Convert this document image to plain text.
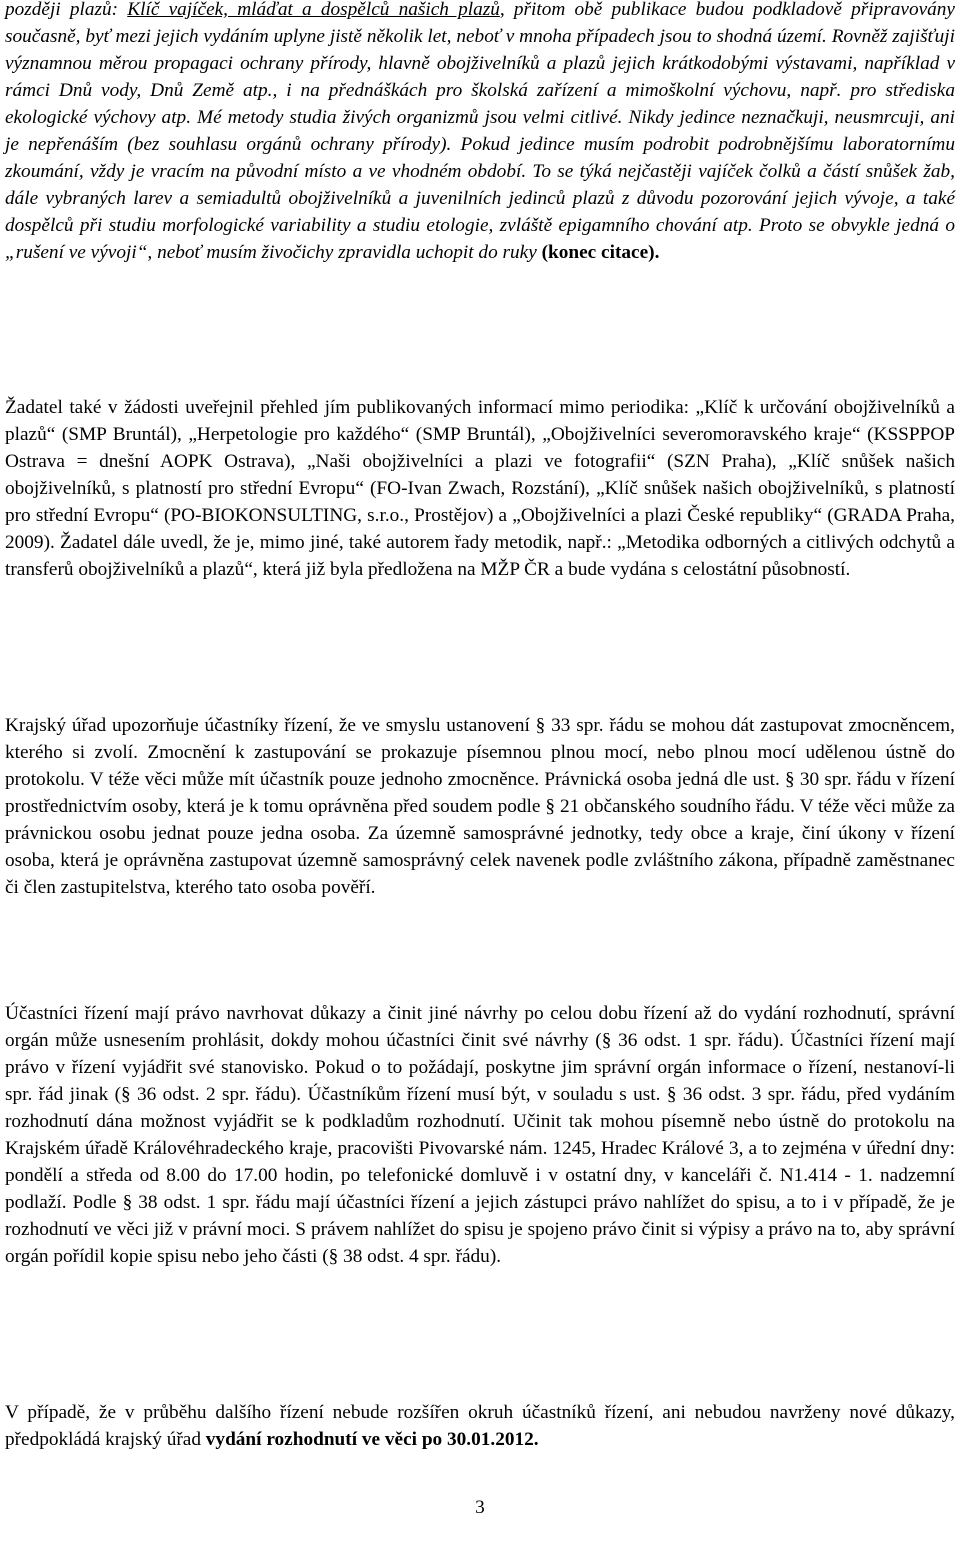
později plazů: Klíč vajíček, mláďat a dospělců našich plazů, přitom obě publikace budou podkladově připravovány současně, byť mezi jejich vydáním uplyne jistě několik let, neboť v mnoha případech jsou to shodná území. Rovněž zajišťuji významnou měrou propagaci ochrany přírody, hlavně obojživelníků a plazů jejich krátkodobými výstavami, například v rámci Dnů vody, Dnů Země atp., i na přednáškách pro školská zařízení a mimoškolní výchovu, např. pro střediska ekologické výchovy atp. Mé metody studia živých organizmů jsou velmi citlivé. Nikdy jedince neznačkuji, neusmrcuji, ani je nepřenáším (bez souhlasu orgánů ochrany přírody). Pokud jedince musím podrobit podrobnějšímu laboratornímu zkoumání, vždy je vracím na původní místo a ve vhodném období. To se týká nejčastěji vajíček čolků a částí snůšek žab, dále vybraných larev a semiadultů obojživelníků a juvenilních jedinců plazů z důvodu pozorování jejich vývoje, a také dospělců při studiu morfologické variability a studiu etologie, zvláště epigamního chování atp. Proto se obvykle jedná o „rušení ve vývoji“, neboť musím živočichy zpravidla uchopit do ruky (konec citace).

Žadatel také v žádosti uveřejnil přehled jím publikovaných informací mimo periodika: „Klíč k určování obojživelníků a plazů“ (SMP Bruntál), „Herpetologie pro každého“ (SMP Bruntál), „Obojživelníci severomoravského kraje“ (KSSPPOP Ostrava = dnešní AOPK Ostrava), „Naši obojživelníci a plazi ve fotografii“ (SZN Praha), „Klíč snůšek našich obojživelníků, s platností pro střední Evropu“ (FO-Ivan Zwach, Rozstání), „Klíč snůšek našich obojživelníků, s platností pro střední Evropu“ (PO-BIOKONSULTING, s.r.o., Prostějov) a „Obojživelníci a plazi České republiky“ (GRADA Praha, 2009). Žadatel dále uvedl, že je, mimo jiné, také autorem řady metodik, např.: „Metodika odborných a citlivých odchytů a transferů obojživelníků a plazů“, která již byla předložena na MŽP ČR a bude vydána s celostátní působností.

Krajský úřad upozorňuje účastníky řízení, že ve smyslu ustanovení § 33 spr. řádu se mohou dát zastupovat zmocněncem, kterého si zvolí. Zmocnění k zastupování se prokazuje písemnou plnou mocí, nebo plnou mocí udělenou ústně do protokolu. V téže věci může mít účastník pouze jednoho zmocněnce. Právnická osoba jedná dle ust. § 30 spr. řádu v řízení prostřednictvím osoby, která je k tomu oprávněna před soudem podle § 21 občanského soudního řádu. V téže věci může za právnickou osobu jednat pouze jedna osoba. Za územně samosprávné jednotky, tedy obce a kraje, činí úkony v řízení osoba, která je oprávněna zastupovat územně samosprávný celek navenek podle zvláštního zákona, případně zaměstnanec či člen zastupitelstva, kterého tato osoba pověří.

Účastníci řízení mají právo navrhovat důkazy a činit jiné návrhy po celou dobu řízení až do vydání rozhodnutí, správní orgán může usnesením prohlásit, dokdy mohou účastníci činit své návrhy (§ 36 odst. 1 spr. řádu). Účastníci řízení mají právo v řízení vyjádřit své stanovisko. Pokud o to požádají, poskytne jim správní orgán informace o řízení, nestanoví-li spr. řád jinak (§ 36 odst. 2 spr. řádu). Účastníkům řízení musí být, v souladu s ust. § 36 odst. 3 spr. řádu, před vydáním rozhodnutí dána možnost vyjádřit se k podkladům rozhodnutí. Učinit tak mohou písemně nebo ústně do protokolu na Krajském úřadě Královéhradeckého kraje, pracovišti Pivovarské nám. 1245, Hradec Králové 3, a to zejména v úřední dny: pondělí a středa od 8.00 do 17.00 hodin, po telefonické domluvě i v ostatní dny, v kanceláři č. N1.414 - 1. nadzemní podlaží. Podle § 38 odst. 1 spr. řádu mají účastníci řízení a jejich zástupci právo nahlížet do spisu, a to i v případě, že je rozhodnutí ve věci již v právní moci. S právem nahlížet do spisu je spojeno právo činit si výpisy a právo na to, aby správní orgán pořídil kopie spisu nebo jeho části (§ 38 odst. 4 spr. řádu).

V případě, že v průběhu dalšího řízení nebude rozšířen okruh účastníků řízení, ani nebudou navrženy nové důkazy, předpokládá krajský úřad vydání rozhodnutí ve věci po 30.01.2012.

3
